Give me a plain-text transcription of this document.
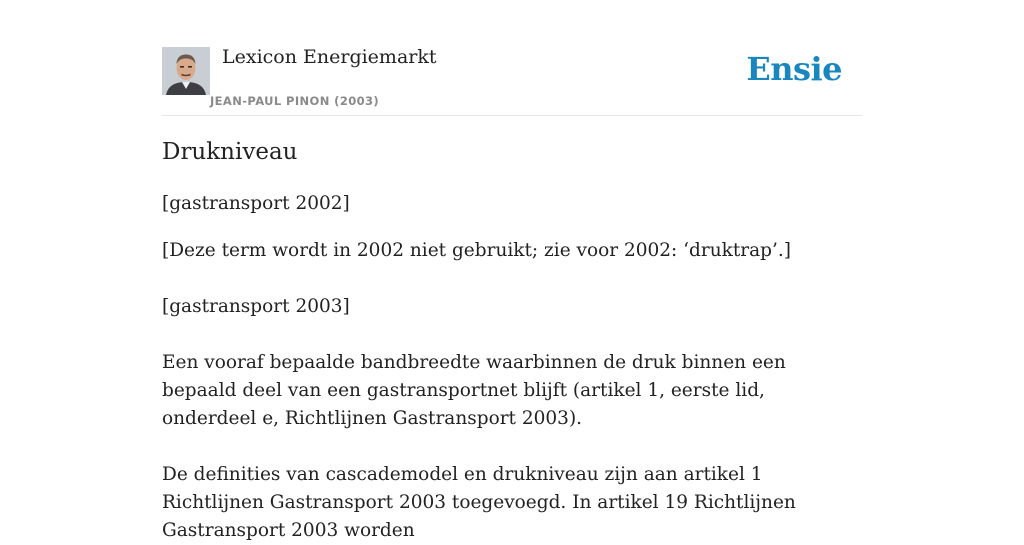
Lexicon Energiemarkt
JEAN-PAUL PINON (2003)
Ensie
Drukniveau

[gastransport 2002]

[Deze term wordt in 2002 niet gebruikt; zie voor 2002: ‘druktrap’.]

[gastransport 2003]

Een vooraf bepaalde bandbreedte waarbinnen de druk binnen een bepaald deel van een gastransportnet blijft (artikel 1, eerste lid, onderdeel e, Richtlijnen Gastransport 2003).

De definities van cascademodel en drukniveau zijn aan artikel 1 Richtlijnen Gastransport 2003 toegevoegd. In artikel 19 Richtlijnen Gastransport 2003 worden
